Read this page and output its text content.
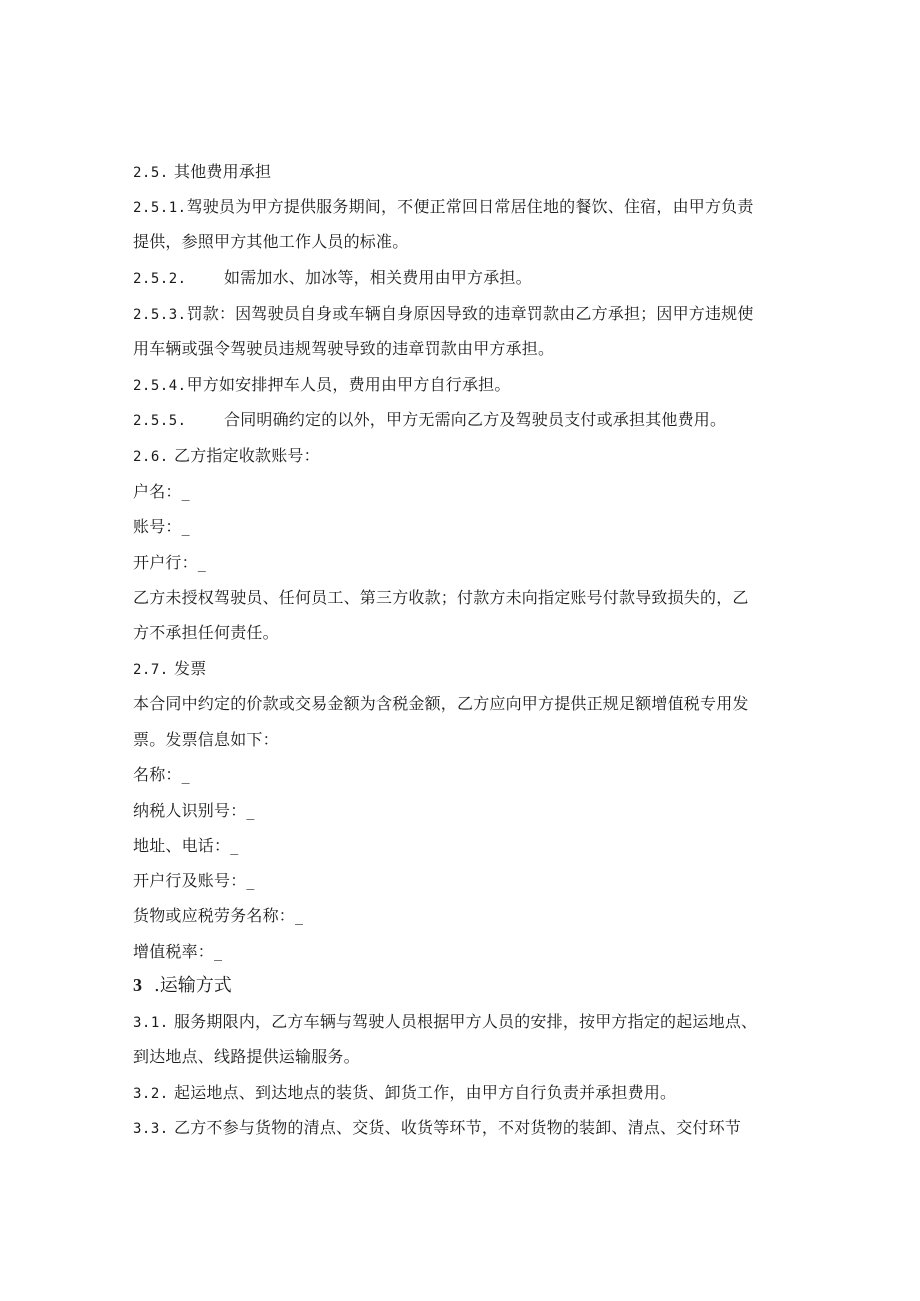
2.5. 其他费用承担
2.5.1.驾驶员为甲方提供服务期间，不便正常回日常居住地的餐饮、住宿，由甲方负责
提供，参照甲方其他工作人员的标准。
2.5.2. 如需加水、加冰等，相关费用由甲方承担。
2.5.3.罚款：因驾驶员自身或车辆自身原因导致的违章罚款由乙方承担；因甲方违规使
用车辆或强令驾驶员违规驾驶导致的违章罚款由甲方承担。
2.5.4.甲方如安排押车人员，费用由甲方自行承担。
2.5.5. 合同明确约定的以外，甲方无需向乙方及驾驶员支付或承担其他费用。
2.6. 乙方指定收款账号：
户名：_
账号：_
开户行：_
乙方未授权驾驶员、任何员工、第三方收款；付款方未向指定账号付款导致损失的，乙
方不承担任何责任。
2.7. 发票
本合同中约定的价款或交易金额为含税金额，乙方应向甲方提供正规足额增值税专用发
票。发票信息如下：
名称：_
纳税人识别号：_
地址、电话：_
开户行及账号：_
货物或应税劳务名称：_
增值税率：_
3 .运输方式
3.1. 服务期限内，乙方车辆与驾驶人员根据甲方人员的安排，按甲方指定的起运地点、
到达地点、线路提供运输服务。
3.2. 起运地点、到达地点的装货、卸货工作，由甲方自行负责并承担费用。
3.3. 乙方不参与货物的清点、交货、收货等环节，不对货物的装卸、清点、交付环节
